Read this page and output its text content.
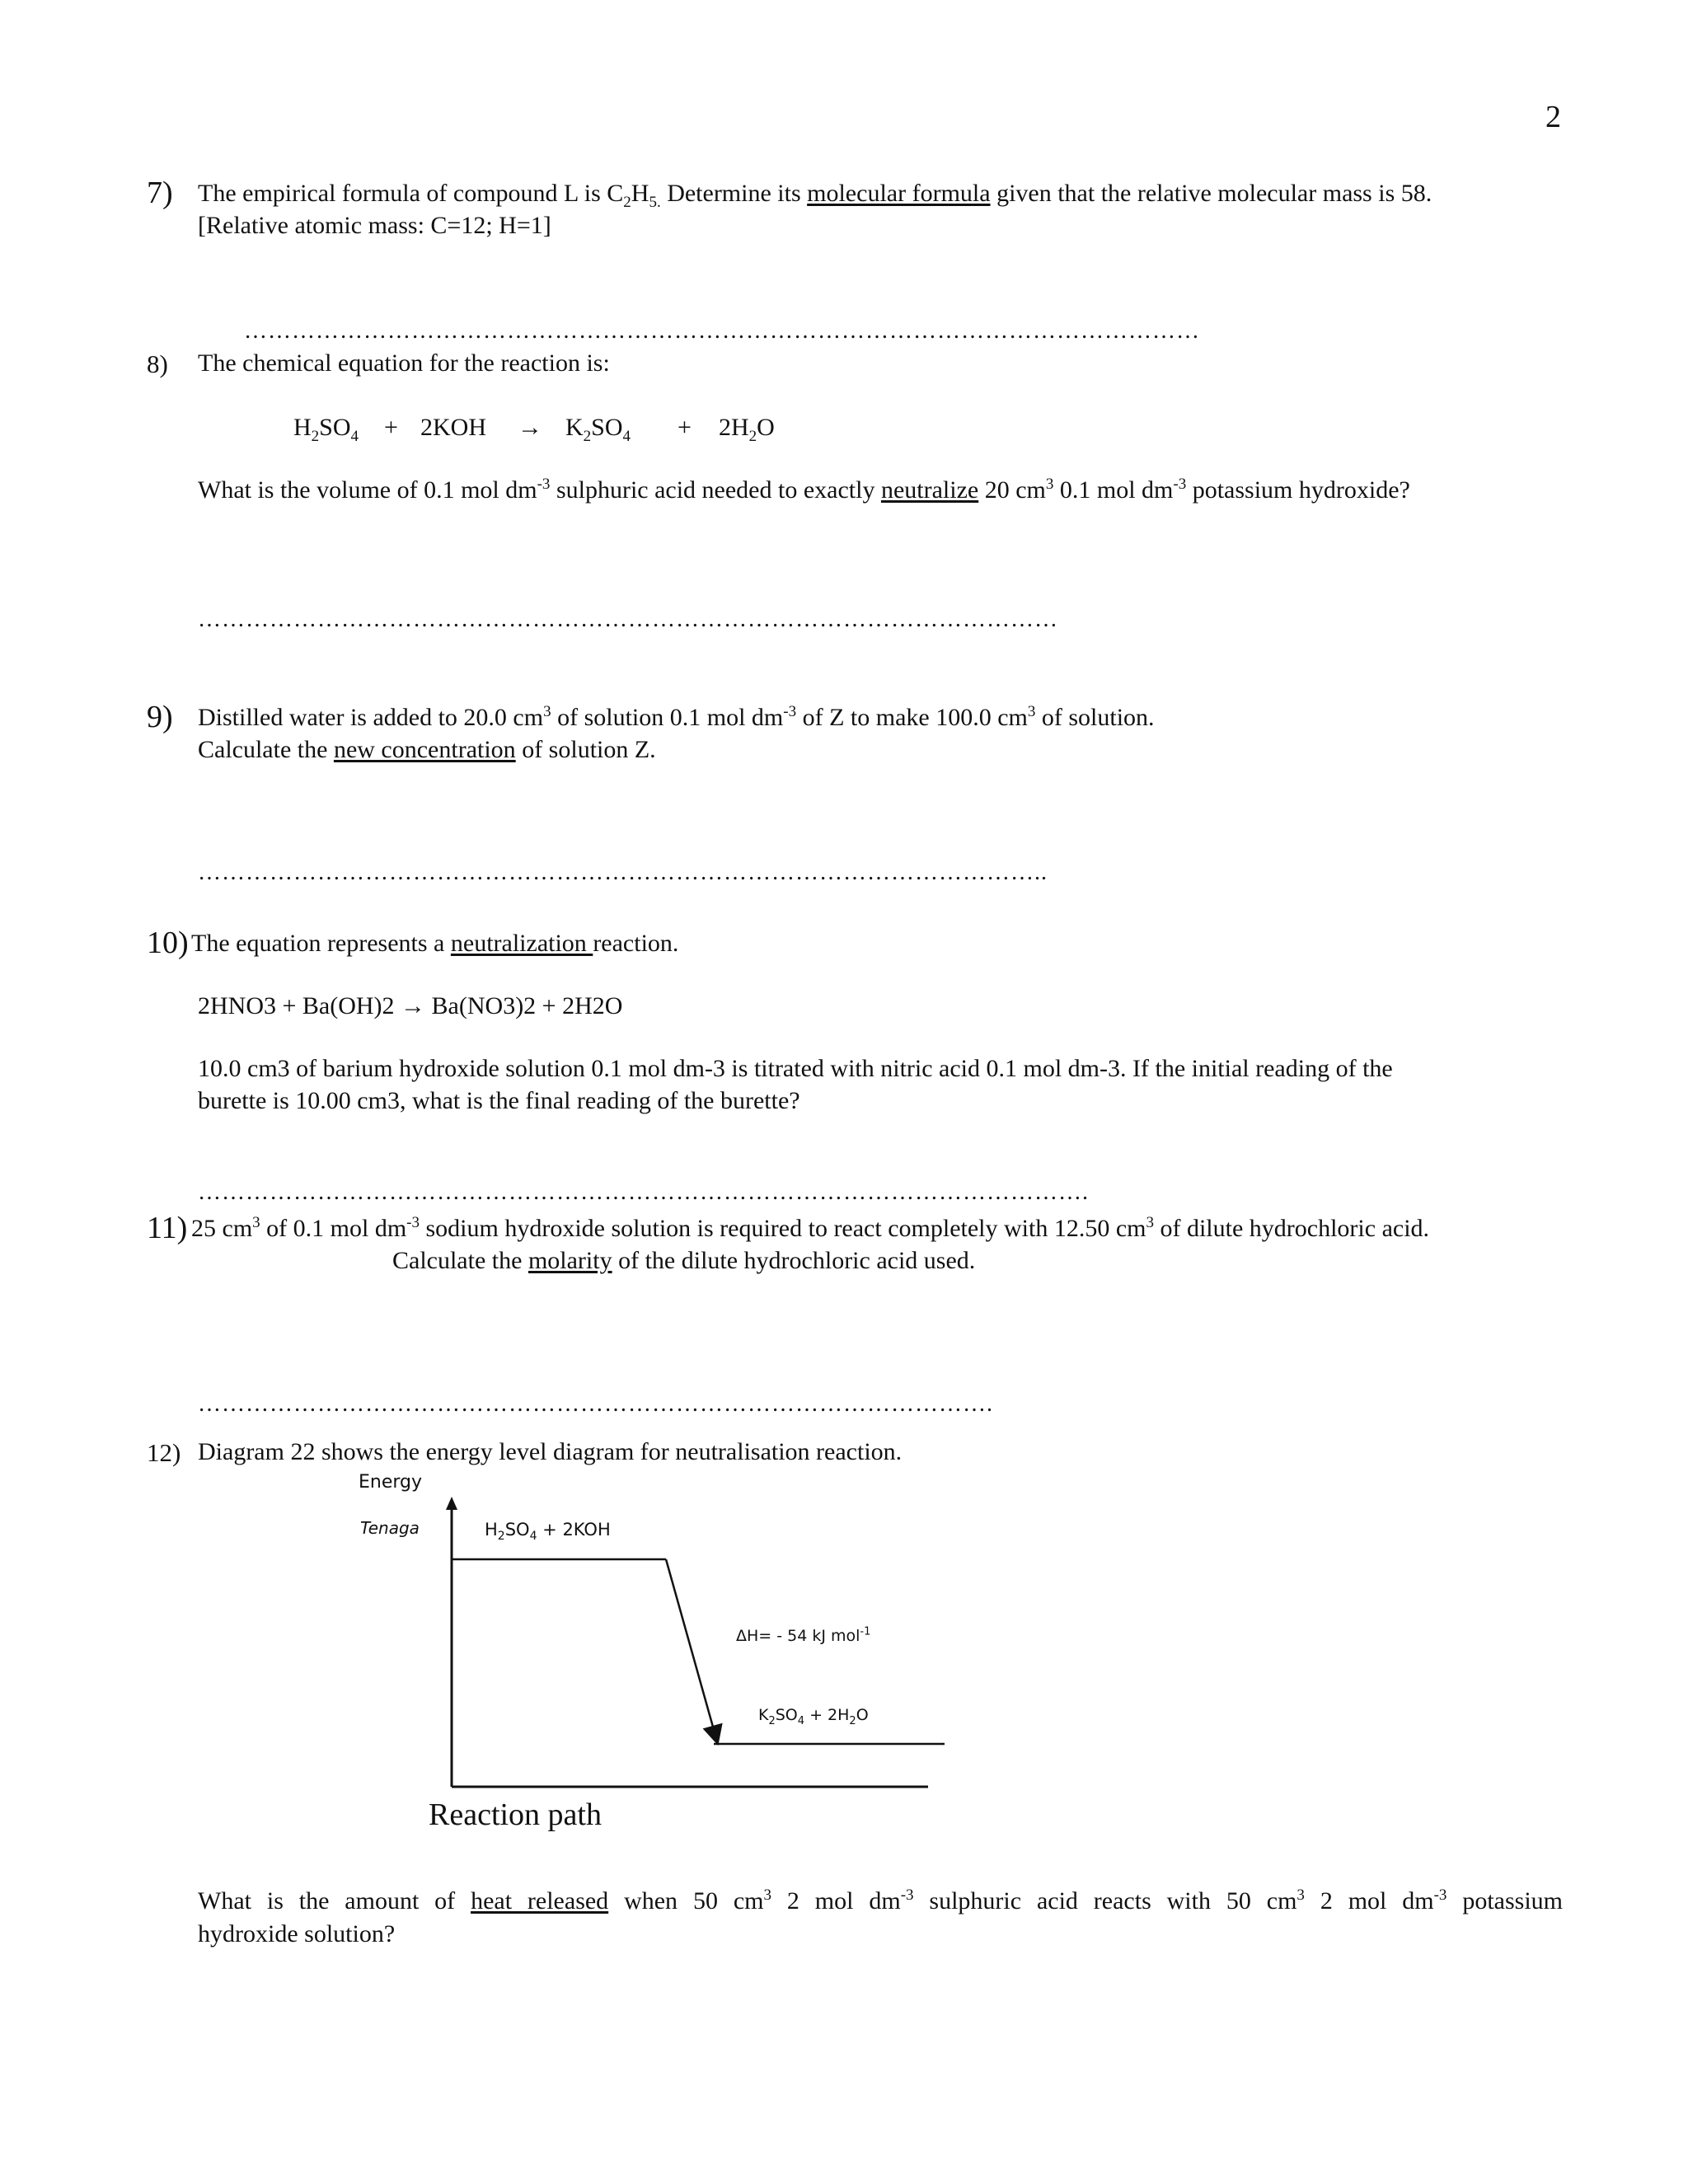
2
7) The empirical formula of compound L is $C_2H_{5.}$ Determine its molecular formula given that the relative molecular mass is 58.
[Relative atomic mass: C=12; H=1]
…………………………………………………………………………………………………………
8) The chemical equation for the reaction is:
$H_2SO_4 + 2KOH \to K_2SO_4 + 2H_2O$
What is the volume of 0.1 mol $dm^{-3}$ sulphuric acid needed to exactly neutralize 20 $cm^3$ 0.1 mol $dm^{-3}$ potassium hydroxide?
………………………………………………………………………………………………
9) Distilled water is added to 20.0 $cm^3$ of solution 0.1 mol $dm^{-3}$ of Z to make 100.0 $cm^3$ of solution.
Calculate the new concentration of solution Z.
……………………………………………………………………………………………..
10) The equation represents a neutralization reaction.
2HNO3 + Ba(OH)2 → Ba(NO3)2 + 2H2O
10.0 cm3 of barium hydroxide solution 0.1 mol dm-3 is titrated with nitric acid 0.1 mol dm-3. If the initial reading of the
burette is 10.00 cm3, what is the final reading of the burette?
………………………………………………………………………………………………….
11) 25 $cm^3$ of 0.1 mol $dm^{-3}$ sodium hydroxide solution is required to react completely with 12.50 $cm^3$ of dilute hydrochloric acid.
Calculate the molarity of the dilute hydrochloric acid used.
……………………………………………………………………………………….
12) Diagram 22 shows the energy level diagram for neutralisation reaction.
Energy
Tenaga	$H_2SO_4 + 2KOH$
ΔH= - 54 kJ mol$^{-1}$
$K_2SO_4 + 2H_2O$
Reaction path
What is the amount of heat released when 50 $cm^3$ 2 mol $dm^{-3}$ sulphuric acid reacts with 50 $cm^3$ 2 mol $dm^{-3}$ potassium
hydroxide solution?
